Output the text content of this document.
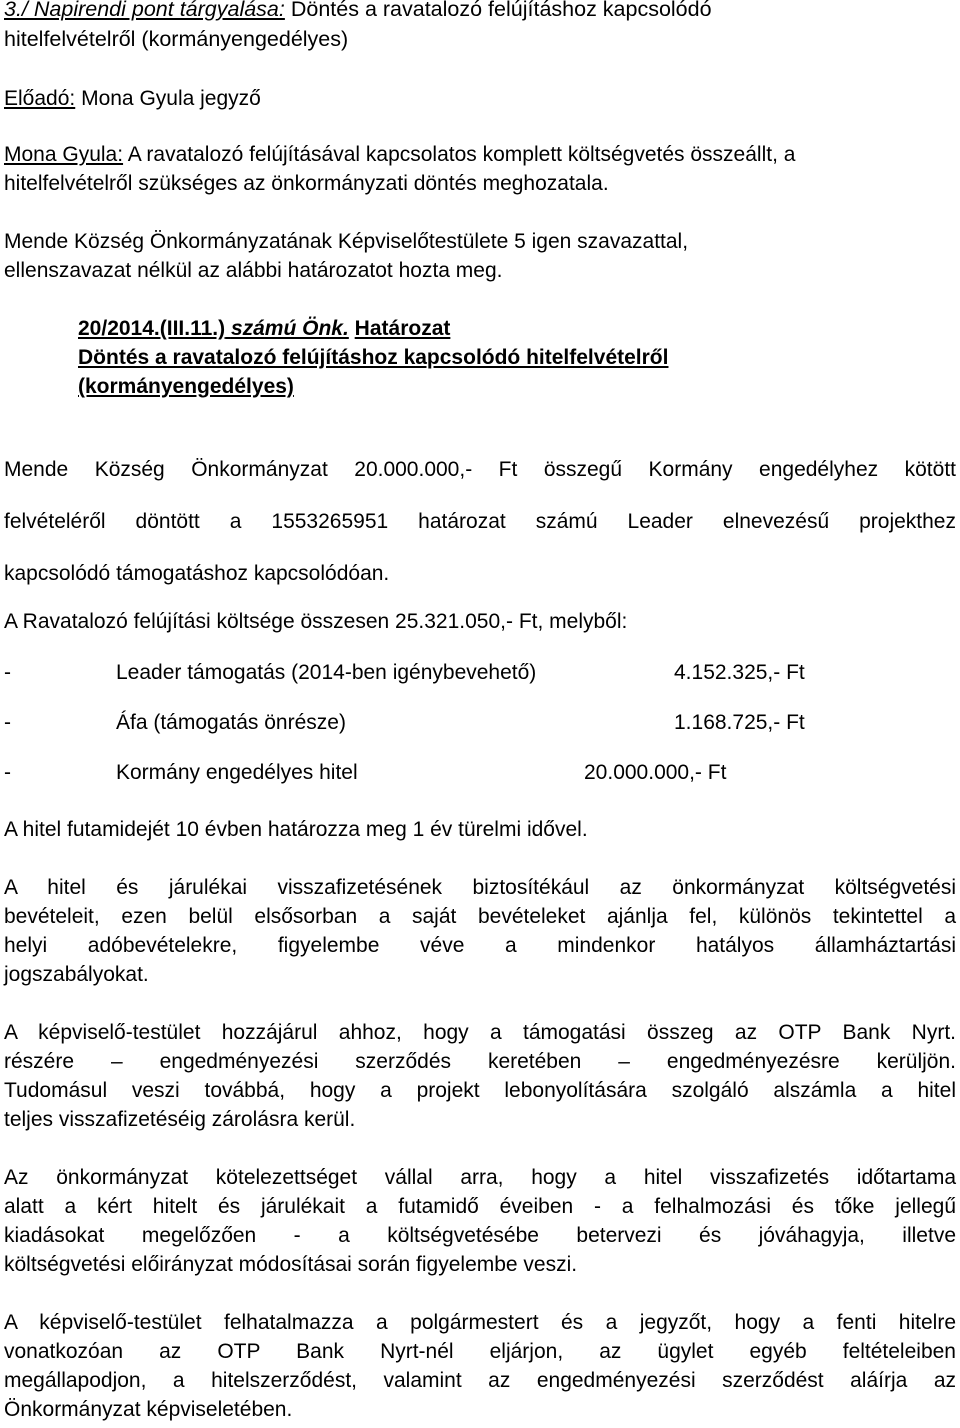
3./ Napirendi pont tárgyalása: Döntés a ravatalozó felújításhoz kapcsolódó
hitelfelvételről (kormányengedélyes)
Előadó: Mona Gyula jegyző
Mona Gyula: A ravatalozó felújításával kapcsolatos komplett költségvetés összeállt, a
hitelfelvételről szükséges az önkormányzati döntés meghozatala.
Mende Község Önkormányzatának Képviselőtestülete 5 igen szavazattal,
ellenszavazat nélkül az alábbi határozatot hozta meg.
20/2014.(III.11.) számú Önk. Határozat
Döntés a ravatalozó felújításhoz kapcsolódó hitelfelvételről
(kormányengedélyes)
Mende Község Önkormányzat 20.000.000,- Ft összegű Kormány engedélyhez kötött
felvételéről döntött a 1553265951 határozat számú Leader elnevezésű projekthez
kapcsolódó támogatáshoz kapcsolódóan.
A Ravatalozó felújítási költsége összesen 25.321.050,- Ft, melyből:
-	Leader támogatás (2014-ben igénybevehető)	4.152.325,- Ft
-	Áfa (támogatás önrésze)	1.168.725,- Ft
-	Kormány engedélyes hitel	20.000.000,- Ft
A hitel futamidejét 10 évben határozza meg 1 év türelmi idővel.
A hitel és járulékai visszafizetésének biztosítékául az önkormányzat költségvetési
bevételeit, ezen belül elsősorban a saját bevételeket ajánlja fel, különös tekintettel a
helyi adóbevételekre, figyelembe véve a mindenkor hatályos államháztartási
jogszabályokat.
A képviselő-testület hozzájárul ahhoz, hogy a támogatási összeg az OTP Bank Nyrt.
részére – engedményezési szerződés keretében – engedményezésre kerüljön.
Tudomásul veszi továbbá, hogy a projekt lebonyolítására szolgáló alszámla a hitel
teljes visszafizetéséig zárolásra kerül.
Az önkormányzat kötelezettséget vállal arra, hogy a hitel visszafizetés időtartama
alatt a kért hitelt és járulékait a futamidő éveiben - a felhalmozási és tőke jellegű
kiadásokat megelőzően - a költségvetésébe betervezi és jóváhagyja, illetve
költségvetési előirányzat módosításai során figyelembe veszi.
A képviselő-testület felhatalmazza a polgármestert és a jegyzőt, hogy a fenti hitelre
vonatkozóan az OTP Bank Nyrt-nél eljárjon, az ügylet egyéb feltételeiben
megállapodjon, a hitelszerződést, valamint az engedményezési szerződést aláírja az
Önkormányzat képviseletében.
